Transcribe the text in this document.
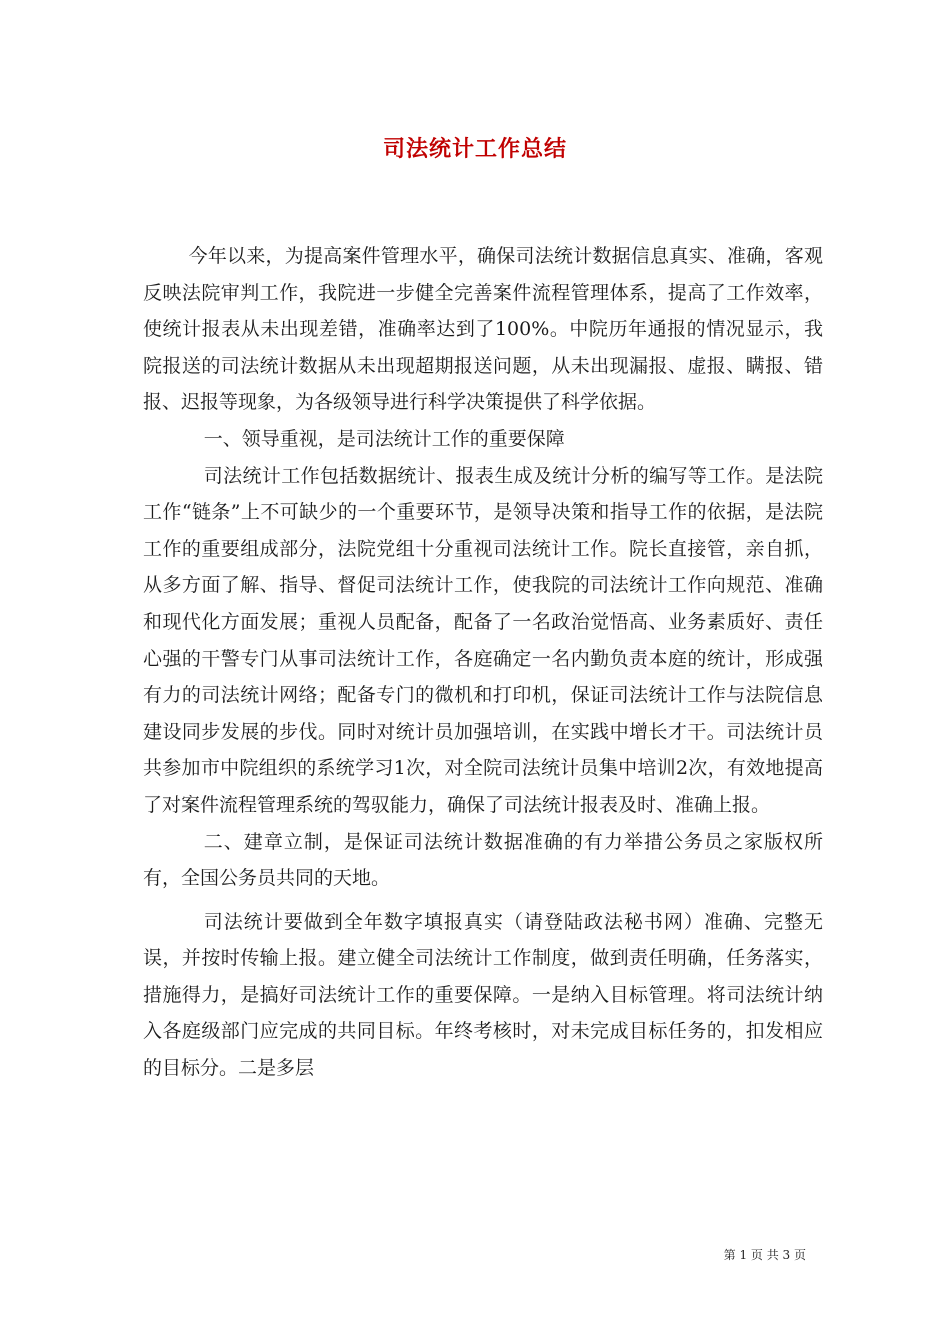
司法统计工作总结

今年以来，为提高案件管理水平，确保司法统计数据信息真实、准确，客观反映法院审判工作，我院进一步健全完善案件流程管理体系，提高了工作效率，使统计报表从未出现差错，准确率达到了100%。中院历年通报的情况显示，我院报送的司法统计数据从未出现超期报送问题，从未出现漏报、虚报、瞒报、错报、迟报等现象，为各级领导进行科学决策提供了科学依据。

一、领导重视，是司法统计工作的重要保障

司法统计工作包括数据统计、报表生成及统计分析的编写等工作。是法院工作“链条”上不可缺少的一个重要环节，是领导决策和指导工作的依据，是法院工作的重要组成部分，法院党组十分重视司法统计工作。院长直接管，亲自抓，从多方面了解、指导、督促司法统计工作，使我院的司法统计工作向规范、准确和现代化方面发展；重视人员配备，配备了一名政治觉悟高、业务素质好、责任心强的干警专门从事司法统计工作，各庭确定一名内勤负责本庭的统计，形成强有力的司法统计网络；配备专门的微机和打印机，保证司法统计工作与法院信息建设同步发展的步伐。同时对统计员加强培训，在实践中增长才干。司法统计员共参加市中院组织的系统学习1次，对全院司法统计员集中培训2次，有效地提高了对案件流程管理系统的驾驭能力，确保了司法统计报表及时、准确上报。

二、建章立制，是保证司法统计数据准确的有力举措公务员之家版权所有，全国公务员共同的天地。

司法统计要做到全年数字填报真实（请登陆政法秘书网）准确、完整无误，并按时传输上报。建立健全司法统计工作制度，做到责任明确，任务落实，措施得力，是搞好司法统计工作的重要保障。一是纳入目标管理。将司法统计纳入各庭级部门应完成的共同目标。年终考核时，对未完成目标任务的，扣发相应的目标分。二是多层

第 1 页 共 3 页
